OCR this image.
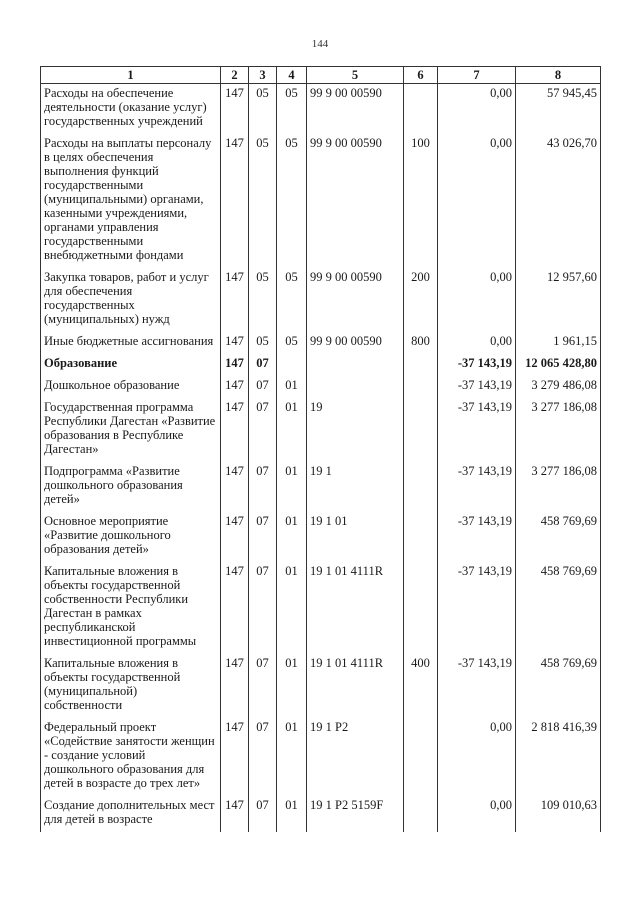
144
1	2	3	4	5	6	7	8
Расходы на обеспечение деятельности (оказание услуг) государственных учреждений	147	05	05	99 9 00 00590		0,00	57 945,45
Расходы на выплаты персоналу в целях обеспечения выполнения функций государственными (муниципальными) органами, казенными учреждениями, органами управления государственными внебюджетными фондами	147	05	05	99 9 00 00590	100	0,00	43 026,70
Закупка товаров, работ и услуг для обеспечения государственных (муниципальных) нужд	147	05	05	99 9 00 00590	200	0,00	12 957,60
Иные бюджетные ассигнования	147	05	05	99 9 00 00590	800	0,00	1 961,15
Образование	147	07				-37 143,19	12 065 428,80
Дошкольное образование	147	07	01			-37 143,19	3 279 486,08
Государственная программа Республики Дагестан «Развитие образования в Республике Дагестан»	147	07	01	19		-37 143,19	3 277 186,08
Подпрограмма «Развитие дошкольного образования детей»	147	07	01	19 1		-37 143,19	3 277 186,08
Основное мероприятие «Развитие дошкольного образования детей»	147	07	01	19 1 01		-37 143,19	458 769,69
Капитальные вложения в объекты государственной собственности Республики Дагестан в рамках республиканской инвестиционной программы	147	07	01	19 1 01 4111R		-37 143,19	458 769,69
Капитальные вложения в объекты государственной (муниципальной) собственности	147	07	01	19 1 01 4111R	400	-37 143,19	458 769,69
Федеральный проект «Содействие занятости женщин - создание условий дошкольного образования для детей в возрасте до трех лет»	147	07	01	19 1 P2		0,00	2 818 416,39
Создание дополнительных мест для детей в возрасте	147	07	01	19 1 P2 5159F		0,00	109 010,63
